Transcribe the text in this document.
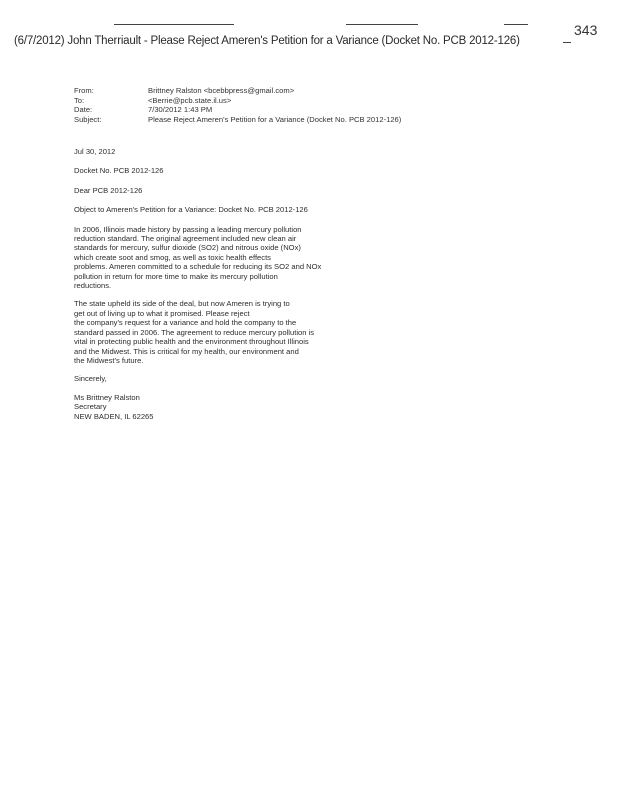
(6/7/2012) John Therriault - Please Reject Ameren's Petition for a Variance (Docket No. PCB 2012-126)
343
From:	Brittney Ralston <bcebbpress@gmail.com>
To:	<Berrie@pcb.state.il.us>
Date:	7/30/2012 1:43 PM
Subject:	Please Reject Ameren's Petition for a Variance (Docket No. PCB 2012-126)
Jul 30, 2012
Docket No. PCB 2012-126
Dear PCB 2012-126
Object to Ameren's Petition for a Variance: Docket No. PCB 2012-126
In 2006, Illinois made history by passing a leading mercury pollution
reduction standard. The original agreement included new clean air
standards for mercury, sulfur dioxide (SO2) and nitrous oxide (NOx)
which create soot and smog, as well as toxic health effects
problems. Ameren committed to a schedule for reducing its SO2 and NOx
pollution in return for more time to make its mercury pollution
reductions.
The state upheld its side of the deal, but now Ameren is trying to
get out of living up to what it promised. Please reject
the company's request for a variance and hold the company to the
standard passed in 2006. The agreement to reduce mercury pollution is
vital in protecting public health and the environment throughout Illinois
and the Midwest. This is critical for my health, our environment and
the Midwest's future.
Sincerely,
Ms Brittney Ralston
Secretary
NEW BADEN, IL 62265
